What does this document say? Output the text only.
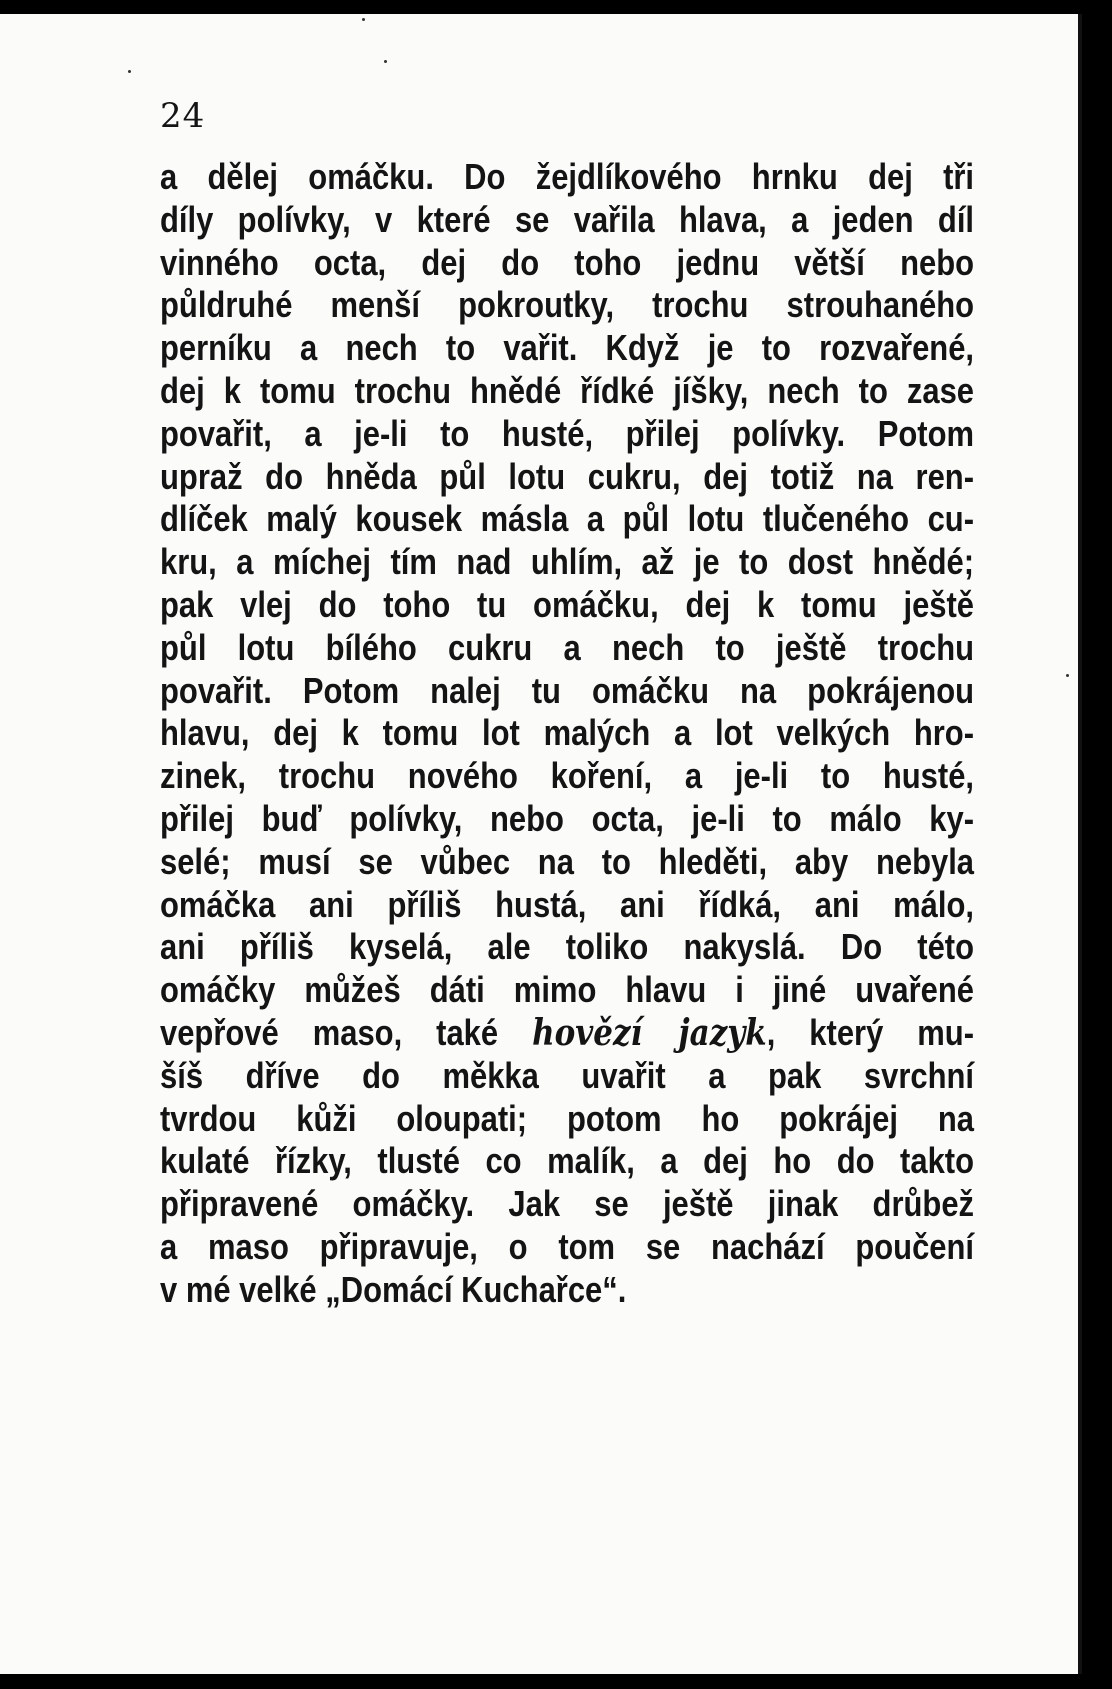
24
a dělej omáčku. Do žejdlíkového hrnku dej tři
díly polívky, v které se vařila hlava, a jeden díl
vinného octa, dej do toho jednu větší nebo
půldruhé menší pokroutky, trochu strouhaného
perníku a nech to vařit. Když je to rozvařené,
dej k tomu trochu hnědé řídké jíšky, nech to zase
povařit, a je-li to husté, přilej polívky. Potom
upraž do hněda půl lotu cukru, dej totiž na ren-
dlíček malý kousek másla a půl lotu tlučeného cu-
kru, a míchej tím nad uhlím, až je to dost hnědé;
pak vlej do toho tu omáčku, dej k tomu ještě
půl lotu bílého cukru a nech to ještě trochu
povařit. Potom nalej tu omáčku na pokrájenou
hlavu, dej k tomu lot malých a lot velkých hro-
zinek, trochu nového koření, a je-li to husté,
přilej buď polívky, nebo octa, je-li to málo ky-
selé; musí se vůbec na to hleděti, aby nebyla
omáčka ani příliš hustá, ani řídká, ani málo,
ani příliš kyselá, ale toliko nakyslá. Do této
omáčky můžeš dáti mimo hlavu i jiné uvařené
vepřové maso, také hovězí jazyk, který mu-
šíš dříve do měkka uvařit a pak svrchní
tvrdou kůži oloupati; potom ho pokrájej na
kulaté řízky, tlusté co malík, a dej ho do takto
připravené omáčky. Jak se ještě jinak drůbež
a maso připravuje, o tom se nachází poučení
v mé velké „Domácí Kuchařce“.
